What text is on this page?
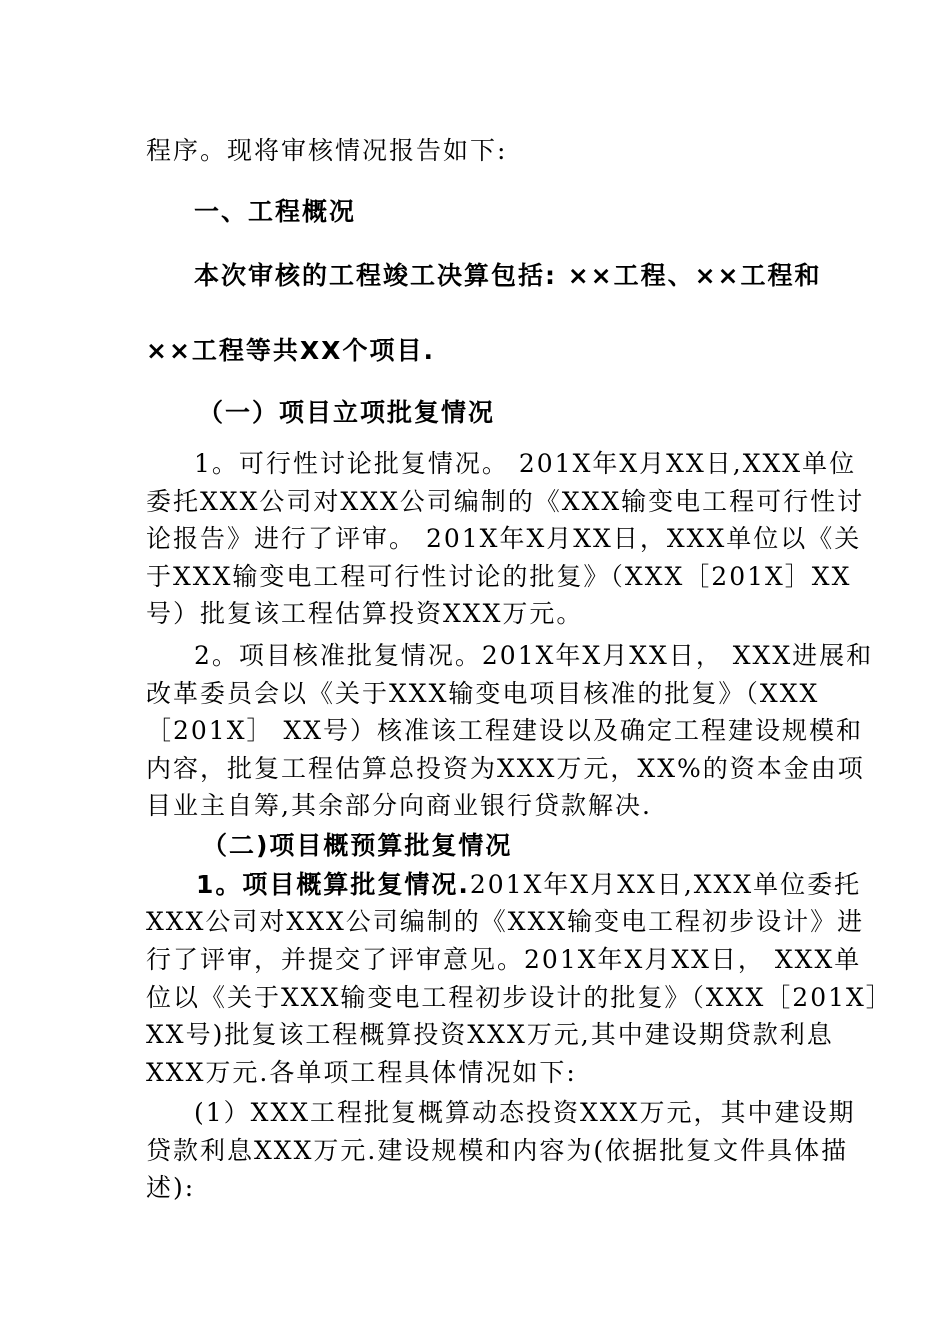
程序。现将审核情况报告如下:
一、工程概况
本次审核的工程竣工决算包括: ××工程、××工程和
××工程等共XX个项目.
（一）项目立项批复情况
1。可行性讨论批复情况。 201X年X月XX日,XXX单位
委托XXX公司对XXX公司编制的《XXX输变电工程可行性讨
论报告》进行了评审。 201X年X月XX日，XXX单位以《关
于XXX输变电工程可行性讨论的批复》（XXX［201X］XX
号）批复该工程估算投资XXX万元。
2。项目核准批复情况。201X年X月XX日， XXX进展和
改革委员会以《关于XXX输变电项目核准的批复》（XXX
［201X］ XX号）核准该工程建设以及确定工程建设规模和
内容，批复工程估算总投资为XXX万元，XX%的资本金由项
目业主自筹,其余部分向商业银行贷款解决.
（二)项目概预算批复情况
1。项目概算批复情况. 201X年X月XX日,XXX单位委托
XXX公司对XXX公司编制的《XXX输变电工程初步设计》进
行了评审，并提交了评审意见。201X年X月XX日， XXX单
位以《关于XXX输变电工程初步设计的批复》（XXX［201X］
XX号)批复该工程概算投资XXX万元,其中建设期贷款利息
XXX万元.各单项工程具体情况如下:
(1）XXX工程批复概算动态投资XXX万元，其中建设期
贷款利息XXX万元.建设规模和内容为(依据批复文件具体描
述):
